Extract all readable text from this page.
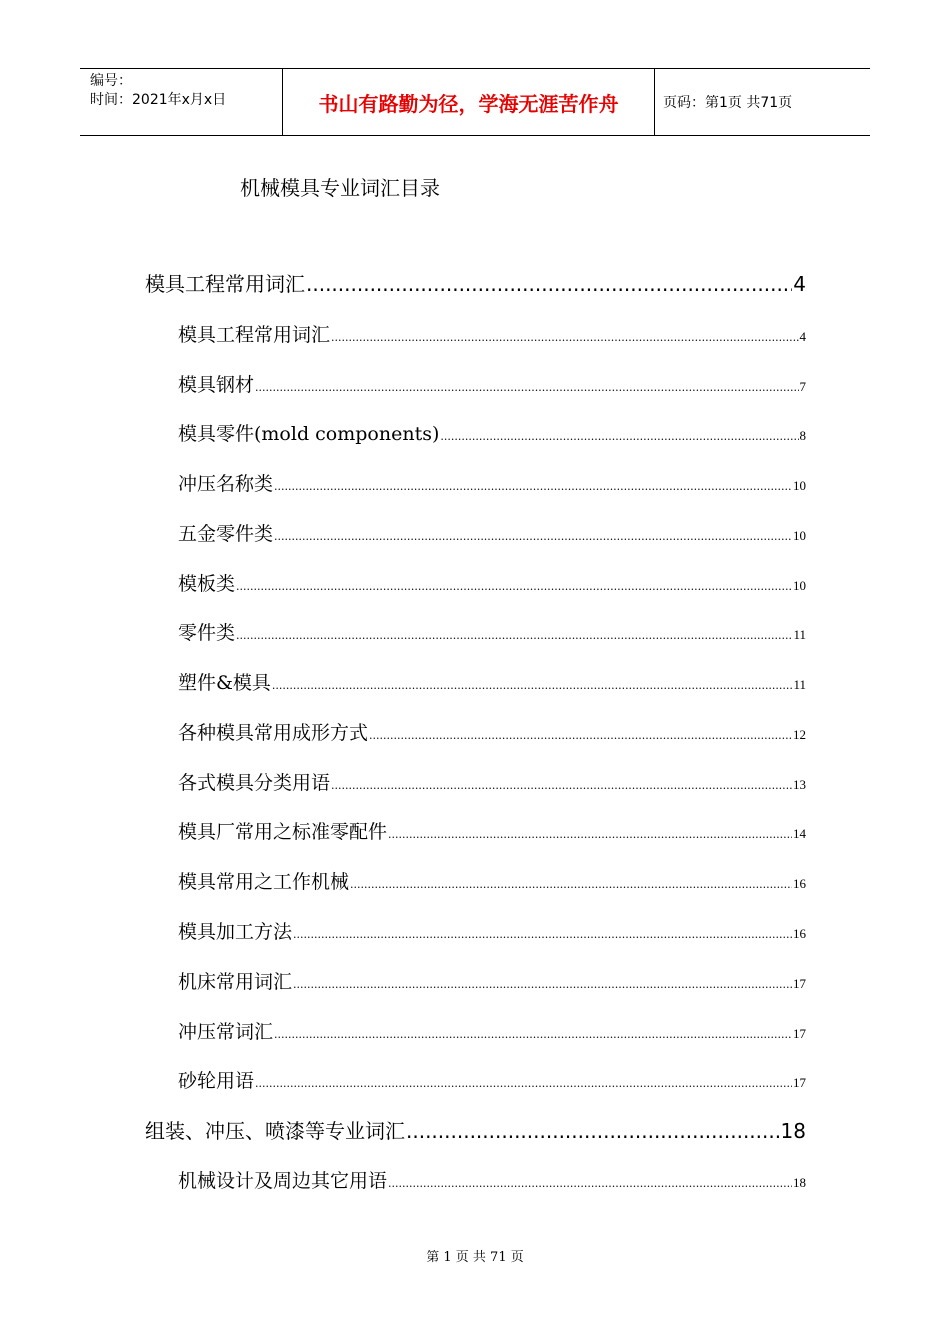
编号：
时间：2021年x月x日	书山有路勤为径，学海无涯苦作舟	页码：第1页 共71页
机械模具专业词汇目录
模具工程常用词汇 .....	4
模具工程常用词汇 .....	4
模具钢材 .....	7
模具零件(mold components) .....	8
冲压名称类 .....	10
五金零件类 .....	10
模板类 .....	10
零件类 .....	11
塑件&模具 .....	11
各种模具常用成形方式 .....	12
各式模具分类用语 .....	13
模具厂常用之标准零配件 .....	14
模具常用之工作机械 .....	16
模具加工方法 .....	16
机床常用词汇 .....	17
冲压常词汇 .....	17
砂轮用语 .....	17
组装、冲压、喷漆等专业词汇 .....	18
机械设计及周边其它用语 .....	18
第 1 页 共 71 页
